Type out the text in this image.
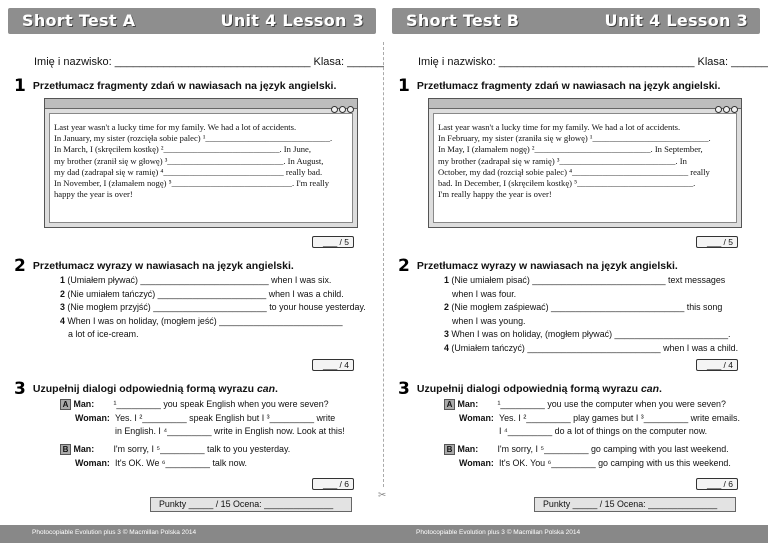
Short Test A	Unit 4 Lesson 3
Imię i nazwisko: ________________________________ Klasa: ______
1 Przetłumacz fragmenty zdań w nawiasach na język angielski.
Last year wasn't a lucky time for my family. We had a lot of accidents.
In January, my sister (rozcięła sobie palec) ¹_____________________________.
In March, I (skręciłem kostkę) ²___________________________. In June,
my brother (zranił się w głowę) ³___________________________. In August,
my dad (zadrapał się w ramię) ⁴____________________________ really bad.
In November, I (złamałem nogę) ⁵____________________________. I'm really
happy the year is over!
___ / 5
2 Przetłumacz wyrazy w nawiasach na język angielski.
1 (Umiałem pływać) __________________________ when I was six.
2 (Nie umiałem tańczyć) ______________________ when I was a child.
3 (Nie mogłem przyjść) _______________________ to your house yesterday.
4 When I was on holiday, (mogłem jeść) _________________________
a lot of ice-cream.
___ / 4
3 Uzupełnij dialogi odpowiednią formą wyrazu can.
A Man: ¹_________ you speak English when you were seven?
Woman: Yes. I ²_________ speak English but I ³_________ write
in English. I ⁴_________ write in English now. Look at this!
B Man: I'm sorry, I ⁵_________ talk to you yesterday.
Woman: It's OK. We ⁶_________ talk now.
___ / 6
Punkty _____ / 15 Ocena: ______________
Photocopiable Evolution plus 3 © Macmillan Polska 2014
✂
Short Test B	Unit 4 Lesson 3
Imię i nazwisko: ________________________________ Klasa: ______
1 Przetłumacz fragmenty zdań w nawiasach na język angielski.
Last year wasn't a lucky time for my family. We had a lot of accidents.
In February, my sister (zraniła się w głowę) ¹___________________________.
In May, I (złamałem nogę) ²___________________________. In September,
my brother (zadrapał się w ramię) ³___________________________. In
October, my dad (rozciął sobie palec) ⁴___________________________ really
bad. In December, I (skręciłem kostkę) ⁵___________________________.
I'm really happy the year is over!
___ / 5
2 Przetłumacz wyrazy w nawiasach na język angielski.
1 (Nie umiałem pisać) ___________________________ text messages
when I was four.
2 (Nie mogłem zaśpiewać) ___________________________ this song
when I was young.
3 When I was on holiday, (mogłem pływać) _______________________.
4 (Umiałem tańczyć) ___________________________ when I was a child.
___ / 4
3 Uzupełnij dialogi odpowiednią formą wyrazu can.
A Man: ¹_________ you use the computer when you were seven?
Woman: Yes. I ²_________ play games but I ³_________ write emails.
I ⁴_________ do a lot of things on the computer now.
B Man: I'm sorry, I ⁵_________ go camping with you last weekend.
Woman: It's OK. You ⁶_________ go camping with us this weekend.
___ / 6
Punkty _____ / 15 Ocena: ______________
Photocopiable Evolution plus 3 © Macmillan Polska 2014
